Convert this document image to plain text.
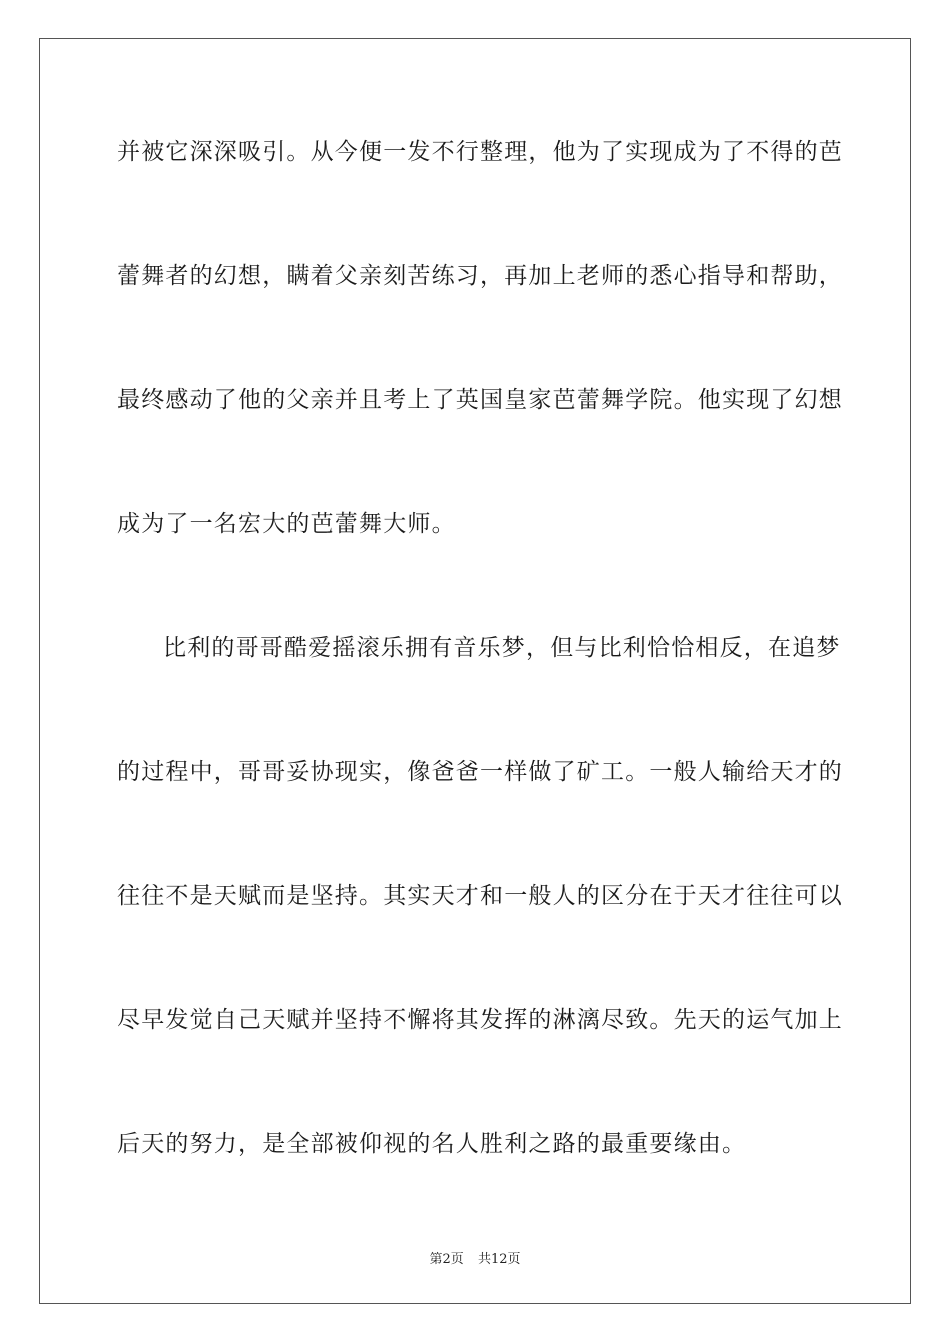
并被它深深吸引。从今便一发不行整理，他为了实现成为了不得的芭
蕾舞者的幻想，瞒着父亲刻苦练习，再加上老师的悉心指导和帮助，
最终感动了他的父亲并且考上了英国皇家芭蕾舞学院。他实现了幻想
成为了一名宏大的芭蕾舞大师。
比利的哥哥酷爱摇滚乐拥有音乐梦，但与比利恰恰相反，在追梦
的过程中，哥哥妥协现实，像爸爸一样做了矿工。一般人输给天才的
往往不是天赋而是坚持。其实天才和一般人的区分在于天才往往可以
尽早发觉自己天赋并坚持不懈将其发挥的淋漓尽致。先天的运气加上
后天的努力，是全部被仰视的名人胜利之路的最重要缘由。
第2页 共12页
